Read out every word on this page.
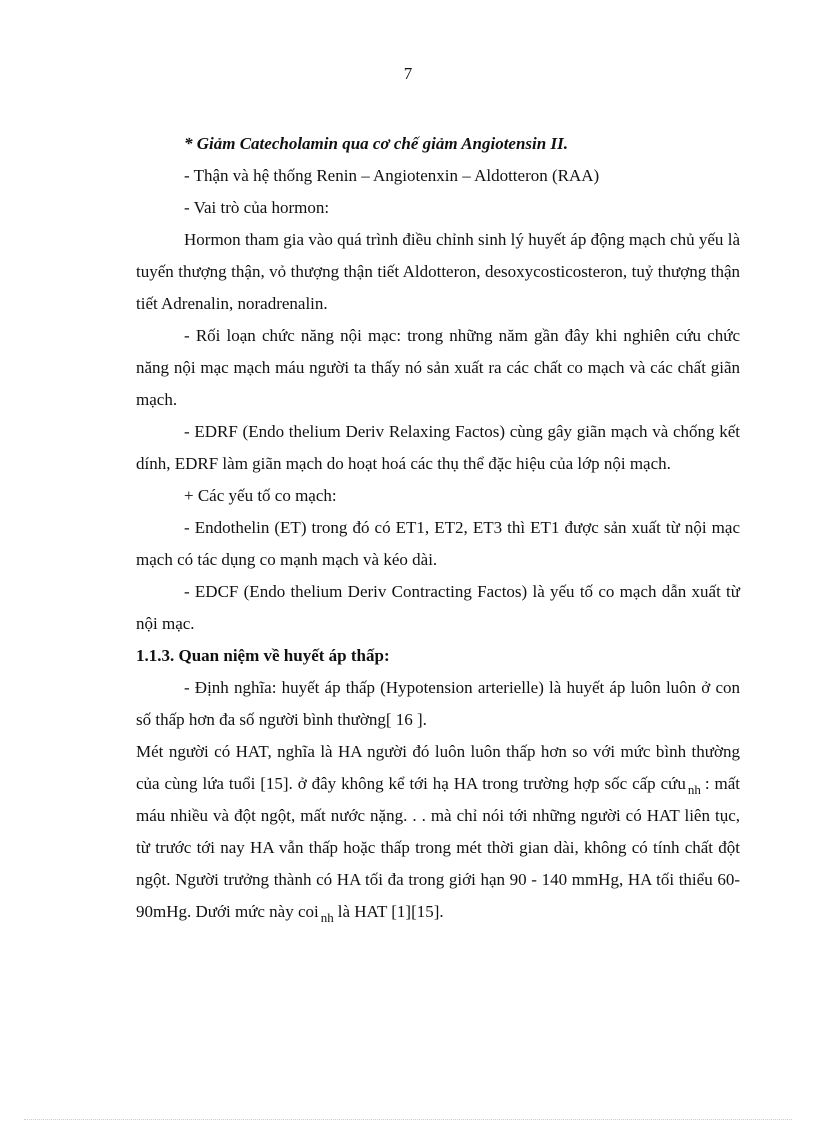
7

* Giảm Catecholamin qua cơ chế giảm Angiotensin II.

- Thận và hệ thống Renin – Angiotenxin – Aldotteron (RAA)

- Vai trò của hormon:

Hormon tham gia vào quá trình điều chỉnh sinh lý huyết áp động mạch chủ yếu là tuyến thượng thận, vỏ thượng thận tiết Aldotteron, desoxycosticosteron, tuỷ thượng thận tiết Adrenalin, noradrenalin.

- Rối loạn chức năng nội mạc: trong những năm gần đây khi nghiên cứu chức năng nội mạc mạch máu người ta thấy nó sản xuất ra các chất co mạch và các chất giãn mạch.

- EDRF (Endo thelium Deriv Relaxing Factos) cùng gây giãn mạch và chống kết dính, EDRF làm giãn mạch do hoạt hoá các thụ thể đặc hiệu của lớp nội mạch.

+ Các yếu tố co mạch:

- Endothelin (ET) trong đó có ET1, ET2, ET3 thì ET1 được sản xuất từ nội mạc mạch có tác dụng co mạnh mạch và kéo dài.

- EDCF (Endo thelium Deriv Contracting Factos) là yếu tố co mạch dẫn xuất từ nội mạc.

1.1.3. Quan niệm về huyết áp thấp:

- Định nghĩa: huyết áp thấp (Hypotension arterielle) là huyết áp luôn luôn ở con số thấp hơn đa số người bình thường[ 16 ].

Mét người có HAT, nghĩa là HA người đó luôn luôn thấp hơn so với mức bình thường của cùng lứa tuổi [15]. ở đây không kể tới hạ HA trong trường hợp sốc cấp cứu $_{nh}$ : mất máu nhiều và đột ngột, mất nước nặng. . . mà chỉ nói tới những người có HAT liên tục, từ trước tới nay HA vẫn thấp hoặc thấp trong mét thời gian dài, không có tính chất đột ngột. Người trưởng thành có HA tối đa trong giới hạn 90 - 140 mmHg, HA tối thiểu 60-90mHg. Dưới mức này coi $_{nh}$ là HAT [1][15].
